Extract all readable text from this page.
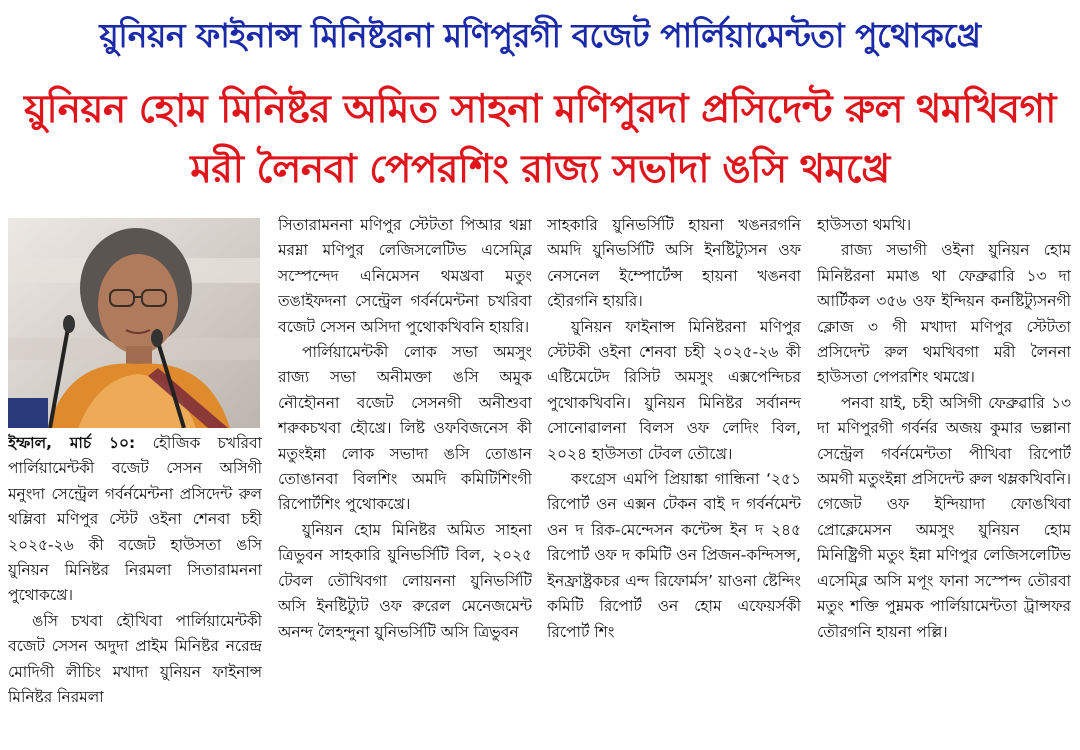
য়ুনিয়ন ফাইনান্স মিনিষ্টরনা মণিপুরগী বজেট পার্লিয়ামেন্টতা পুথোকখ্রে
য়ুনিয়ন হোম মিনিষ্টর অমিত সাহনা মণিপুরদা প্রসিদেন্ট রুল থমখিবগা মরী লৈনবা পেপরশিং রাজ্য সভাদা ঙসি থমখ্রে

ইম্ফাল, মার্চ ১০: হৌজিক চখরিবা পার্লিয়ামেন্টকী বজেট সেসন অসিগী মনুংদা সেন্ট্রেল গর্বর্নমেন্টনা প্রসিদেন্ট রুল থম্লিবা মণিপুর স্টেট ওইনা শেনবা চহী ২০২৫-২৬ কী বজেট হাউসতা ঙসি য়ুনিয়ন মিনিষ্টর নিরমলা সিতারামননা পুথোকখ্রে।

ঙসি চখবা হৌখিবা পার্লিয়ামেন্টকী বজেট সেসন অদুদা প্রাইম মিনিষ্টর নরেন্দ্র মোদিগী লীচিং মখাদা য়ুনিয়ন ফাইনান্স মিনিষ্টর নিরমলা

সিতারামননা মণিপুর স্টেটতা পিআর থম্না মরম্না মণিপুর লেজিসলেটিভ এসেম্ব্লি সস্পেন্দেদ এনিমেসন থমখ্রবা মতুং তঙাইফদনা সেন্ট্রেল গর্বর্নমেন্টনা চখরিবা বজেট সেসন অসিদা পুথোকখিবনি হায়রি।

পার্লিয়ামেন্টকী লোক সভা অমসুং রাজ্য সভা অনীমক্তা ঙসি অমুক নৌহৌননা বজেট সেসনগী অনীশুবা শরুকচখবা হৌখ্রে। লিষ্ট ওফবিজনেস কী মতুংইন্না লোক সভাদা ঙসি তোঙান তোঙানবা বিলশিং অমদি কমিটিশিংগী রিপোর্টশিং পুথোকখ্রে।

য়ুনিয়ন হোম মিনিষ্টর অমিত সাহনা ত্রিভুবন সাহকারি য়ুনিভর্সিটি বিল, ২০২৫ টেবল তৌখিবগা লোয়ননা য়ুনিভর্সিটি অসি ইনষ্টিট্যুট ওফ রুরেল মেনেজমেন্ট অনন্দ লৈহন্দুনা য়ুনিভর্সিটি অসি ত্রিভুবন

সাহকারি য়ুনিভর্সিটি হায়না খঙনরগনি অমদি য়ুনিভর্সিটি অসি ইনষ্টিট্যুসন ওফ নেসনেল ইম্পোর্টেন্স হায়না খঙনবা হৌরগনি হায়রি।

য়ুনিয়ন ফাইনান্স মিনিষ্টরনা মণিপুর স্টেটকী ওইনা শেনবা চহী ২০২৫-২৬ কী এষ্টিমেটেদ রিসিট অমসুং এক্সপেন্দিচর পুথোকখিবনি। য়ুনিয়ন মিনিষ্টর সর্বানন্দ সোনোৱালনা বিলস ওফ লেদিং বিল, ২০২৪ হাউসতা টেবল তৌখ্রে।

কংগ্রেস এমপি প্রিয়াঙ্কা গান্ধিনা ‘২৫১ রিপোর্ট ওন এক্সন টেকন বাই দ গর্বর্নমেন্ট ওন দ রিক-মেন্দেসন কন্টেন্স ইন দ ২৪৫ রিপোর্ট ওফ দ কমিটি ওন প্রিজন-কন্দিসন্স, ইনফ্রাষ্ট্রকচর এন্দ রিফোর্মস’ য়াওনা ষ্টেন্দিং কমিটি রিপোর্ট ওন হোম এফেয়র্সকী রিপোর্ট শিং

হাউসতা থমখি।

রাজ্য সভাগী ওইনা য়ুনিয়ন হোম মিনিষ্টরনা মমাঙ থা ফেব্রুৱারি ১৩ দা আর্টিকল ৩৫৬ ওফ ইন্দিয়ন কনষ্টিট্যুসনগী ক্লোজ ৩ গী মখাদা মণিপুর স্টেটতা প্রসিদেন্ট রুল থমখিবগা মরী লৈননা হাউসতা পেপরশিং থমখ্রে।

পনবা য়াই, চহী অসিগী ফেব্রুৱারি ১৩ দা মণিপুরগী গর্বর্নর অজয় কুমার ভল্লানা সেন্ট্রেল গর্বর্নমেন্টতা পীখিবা রিপোর্ট অমগী মতুংইন্না প্রসিদেন্ট রুল থম্লকখিবনি। গেজেট ওফ ইন্দিয়াদা ফোঙখিবা প্রোক্লেমেসন অমসুং য়ুনিয়ন হোম মিনিষ্ট্রিগী মতুং ইন্না মণিপুর লেজিসলেটিভ এসেম্ব্লি অসি মপূং ফানা সস্পেন্দ তৌরবা মতুং শক্তি পুম্নমক পার্লিয়ামেন্টতা ট্রান্সফর তৌরগনি হায়না পল্লি।
